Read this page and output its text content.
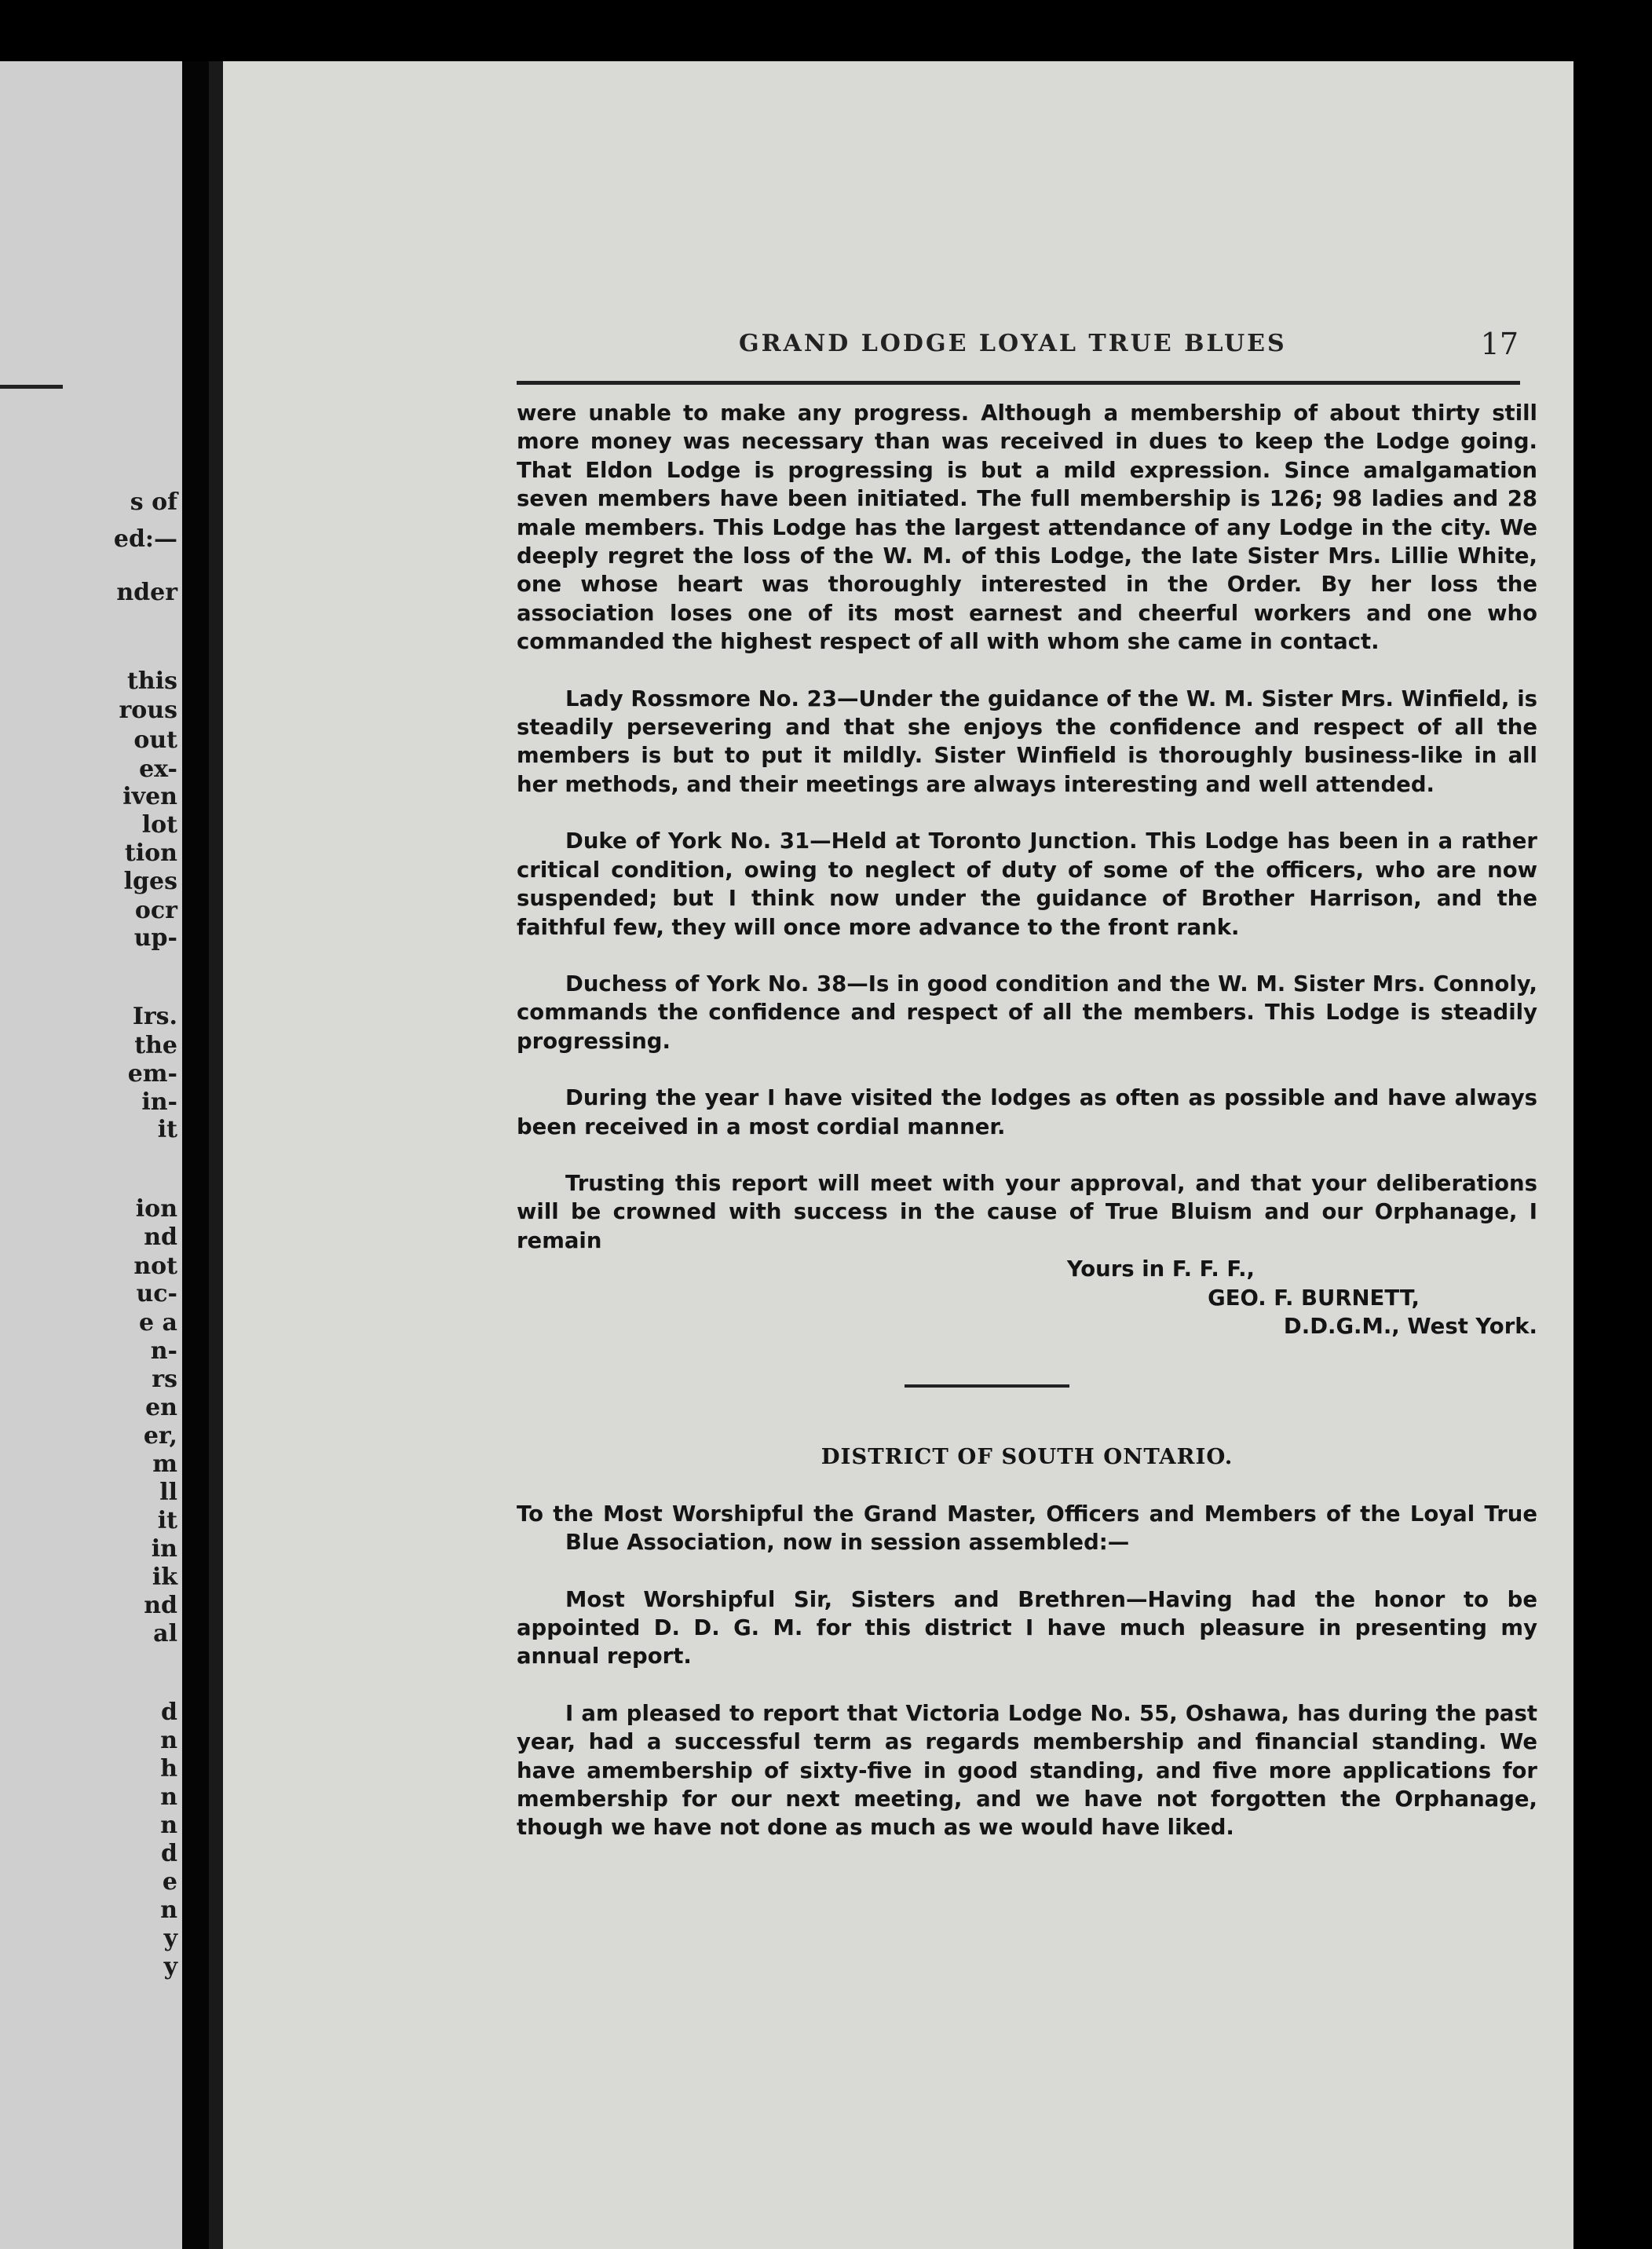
s of
ed:—
nder
this
rous
out
ex-
iven
lot
tion
lges
ocr
up-
Irs.
the
em-
in-
it
ion
nd
not
uc-
e a
n-
rs
en
er,
m
ll
it
in
ik
nd
al
d
n
h
n
n
d
e
n
y
y
GRAND LODGE LOYAL TRUE BLUES	17

were unable to make any progress. Although a membership of about thirty still more money was necessary than was received in dues to keep the Lodge going. That Eldon Lodge is progressing is but a mild expression. Since amalgamation seven members have been initiated. The full membership is 126; 98 ladies and 28 male members. This Lodge has the largest attendance of any Lodge in the city. We deeply regret the loss of the W. M. of this Lodge, the late Sister Mrs. Lillie White, one whose heart was thoroughly interested in the Order. By her loss the association loses one of its most earnest and cheerful workers and one who commanded the highest respect of all with whom she came in contact.

Lady Rossmore No. 23—Under the guidance of the W. M. Sister Mrs. Winfield, is steadily persevering and that she enjoys the confidence and respect of all the members is but to put it mildly. Sister Winfield is thoroughly business-like in all her methods, and their meetings are always interesting and well attended.

Duke of York No. 31—Held at Toronto Junction. This Lodge has been in a rather critical condition, owing to neglect of duty of some of the officers, who are now suspended; but I think now under the guidance of Brother Harrison, and the faithful few, they will once more advance to the front rank.

Duchess of York No. 38—Is in good condition and the W. M. Sister Mrs. Connoly, commands the confidence and respect of all the members. This Lodge is steadily progressing.

During the year I have visited the lodges as often as possible and have always been received in a most cordial manner.

Trusting this report will meet with your approval, and that your deliberations will be crowned with success in the cause of True Bluism and our Orphanage, I remain

Yours in F. F. F.,

GEO. F. BURNETT,

D.D.G.M., West York.

DISTRICT OF SOUTH ONTARIO.

To the Most Worshipful the Grand Master, Officers and Members of the Loyal True Blue Association, now in session assembled:—

Most Worshipful Sir, Sisters and Brethren—Having had the honor to be appointed D. D. G. M. for this district I have much pleasure in presenting my annual report.

I am pleased to report that Victoria Lodge No. 55, Oshawa, has during the past year, had a successful term as regards membership and financial standing. We have amembership of sixty-five in good standing, and five more applications for membership for our next meeting, and we have not forgotten the Orphanage, though we have not done as much as we would have liked.
